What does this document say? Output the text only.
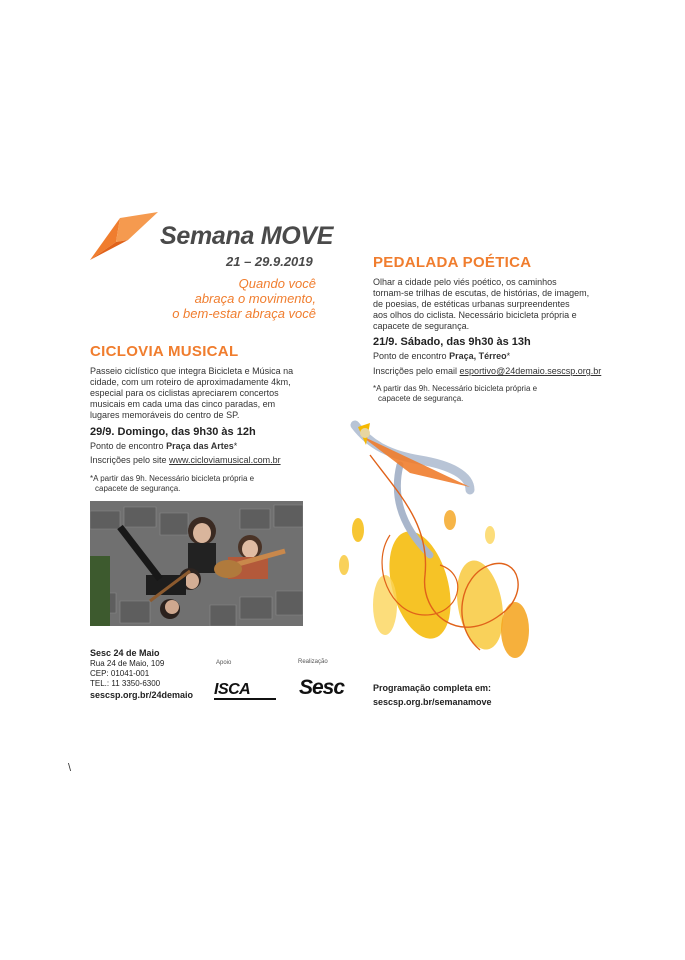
Semana MOVE
21 – 29.9.2019
Quando você
abraça o movimento,
o bem-estar abraça você
CICLOVIA MUSICAL
Passeio ciclístico que integra Bicicleta e Música na
cidade, com um roteiro de aproximadamente 4km,
especial para os ciclistas apreciarem concertos
musicais em cada uma das cinco paradas, em
lugares memoráveis do centro de SP.
29/9. Domingo, das 9h30 às 12h
Ponto de encontro Praça das Artes*
Inscrições pelo site www.cicloviamusical.com.br
*A partir das 9h. Necessário bicicleta própria e
capacete de segurança.
PEDALADA POÉTICA
Olhar a cidade pelo viés poético, os caminhos
tornam-se trilhas de escutas, de histórias, de imagem,
de poesias, de estéticas urbanas surpreendentes
aos olhos do ciclista. Necessário bicicleta própria e
capacete de segurança.
21/9. Sábado, das 9h30 às 13h
Ponto de encontro Praça, Térreo*
Inscrições pelo email esportivo@24demaio.sescsp.org.br
*A partir das 9h. Necessário bicicleta própria e
capacete de segurança.
Sesc 24 de Maio
Rua 24 de Maio, 109
CEP: 01041-001
TEL.: 11 3350-6300
sescsp.org.br/24demaio
Apoio
ISCA
Realização
Sesc	Programação completa em:
sescsp.org.br/semanamove
\
